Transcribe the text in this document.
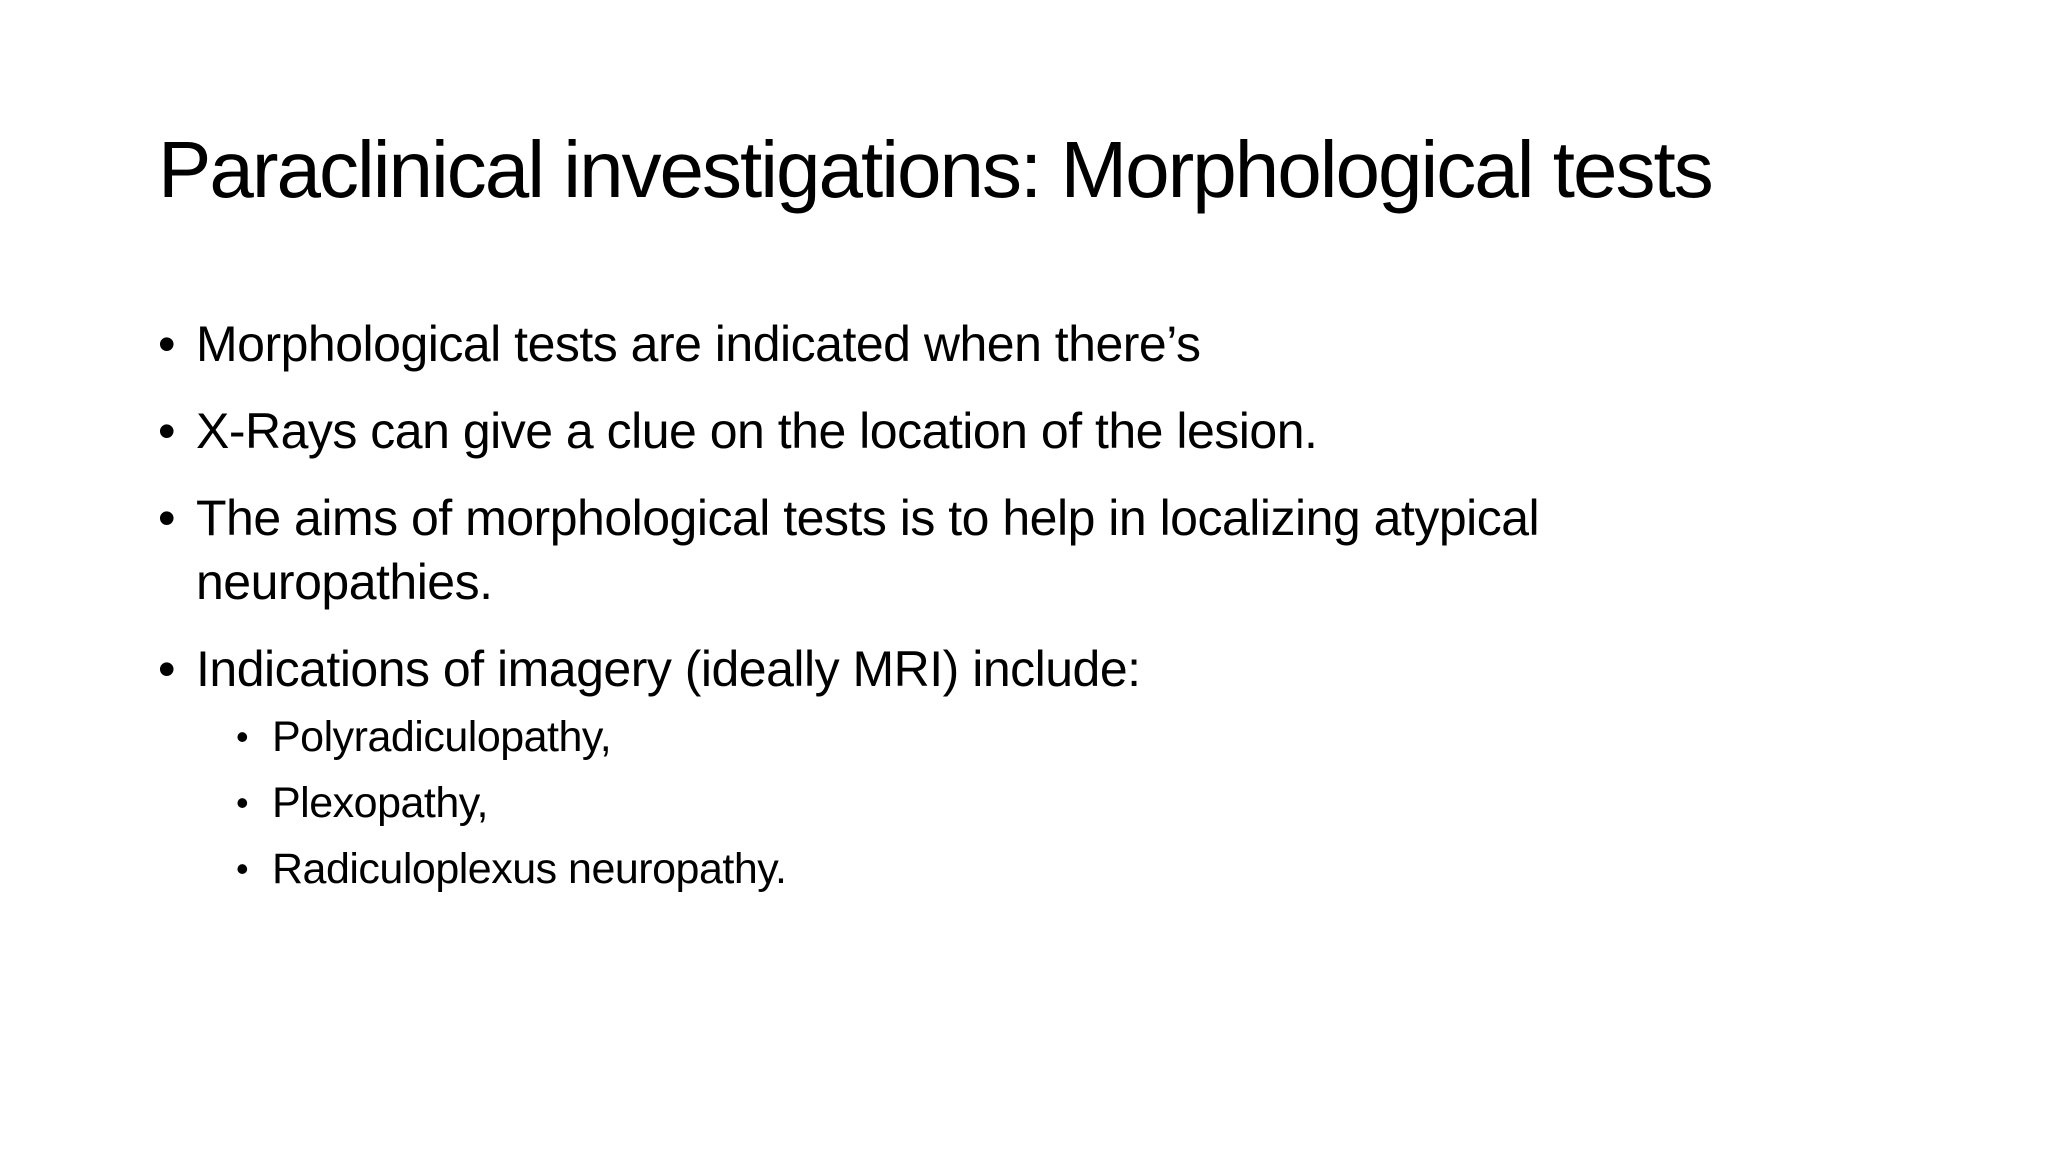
Paraclinical investigations: Morphological tests
• Morphological tests are indicated when there’s
• X-Rays can give a clue on the location of the lesion.
• The aims of morphological tests is to help in localizing atypical neuropathies.
• Indications of imagery (ideally MRI) include:
• Polyradiculopathy,
• Plexopathy,
• Radiculoplexus neuropathy.
